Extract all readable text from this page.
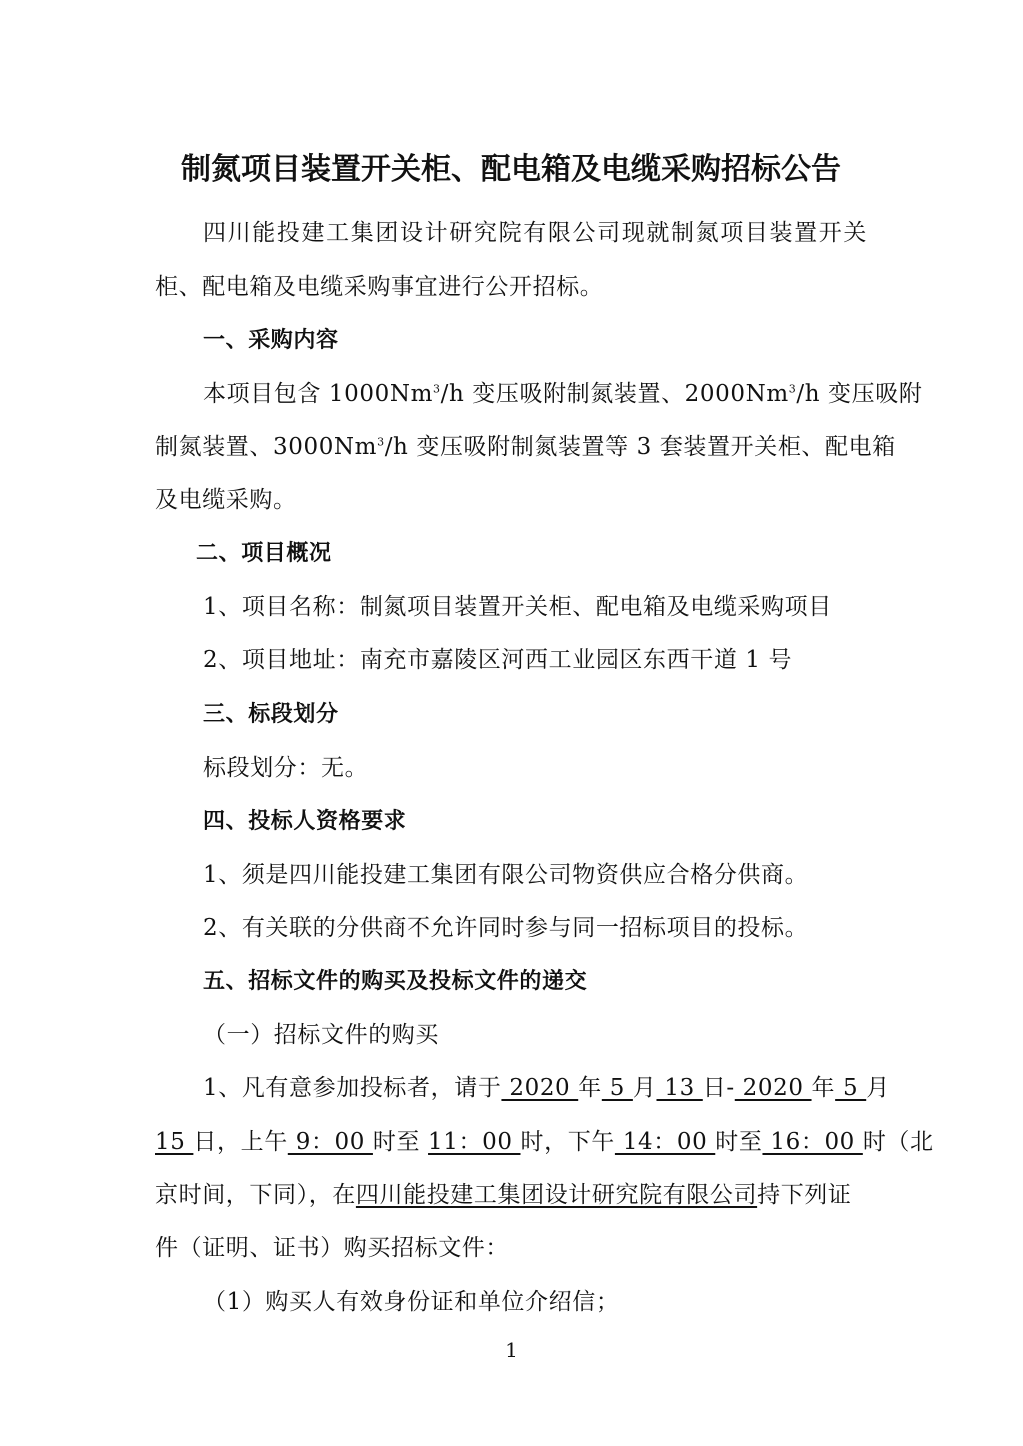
制氮项目装置开关柜、配电箱及电缆采购招标公告
四川能投建工集团设计研究院有限公司现就制氮项目装置开关
柜、配电箱及电缆采购事宜进行公开招标。
一、采购内容
本项目包含 1000Nm$^3$/h 变压吸附制氮装置、2000Nm$^3$/h 变压吸附
制氮装置、3000Nm$^3$/h 变压吸附制氮装置等 3 套装置开关柜、配电箱
及电缆采购。
二、项目概况
1、项目名称：制氮项目装置开关柜、配电箱及电缆采购项目
2、项目地址：南充市嘉陵区河西工业园区东西干道 1 号
三、标段划分
标段划分：无。
四、投标人资格要求
1、须是四川能投建工集团有限公司物资供应合格分供商。
2、有关联的分供商不允许同时参与同一招标项目的投标。
五、招标文件的购买及投标文件的递交
（一）招标文件的购买
1、凡有意参加投标者，请于 2020 年 5 月 13 日- 2020 年 5 月
15 日，上午 9：00 时至 11：00 时，下午 14：00 时至 16：00 时（北
京时间，下同），在四川能投建工集团设计研究院有限公司持下列证
件（证明、证书）购买招标文件：
（1）购买人有效身份证和单位介绍信；
1
